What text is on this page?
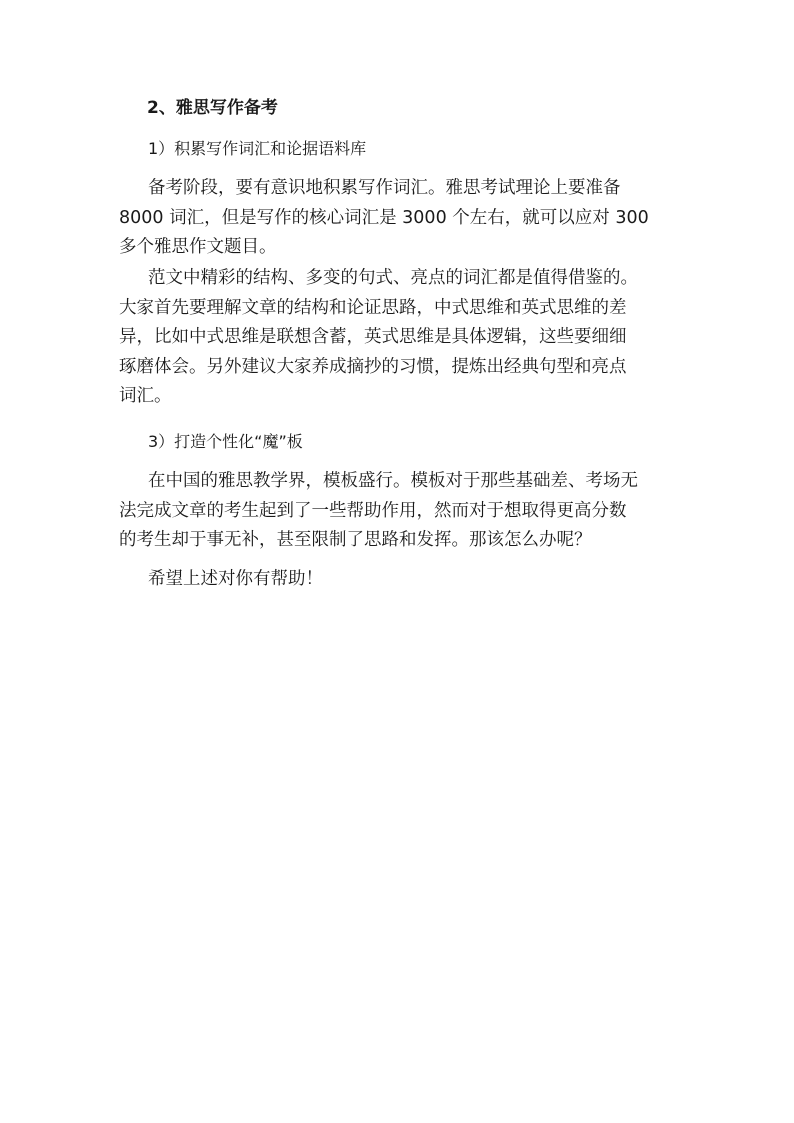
2、雅思写作备考
1）积累写作词汇和论据语料库
备考阶段，要有意识地积累写作词汇。雅思考试理论上要准备
8000 词汇，但是写作的核心词汇是 3000 个左右，就可以应对 300
多个雅思作文题目。
范文中精彩的结构、多变的句式、亮点的词汇都是值得借鉴的。
大家首先要理解文章的结构和论证思路，中式思维和英式思维的差
异，比如中式思维是联想含蓄，英式思维是具体逻辑，这些要细细
琢磨体会。另外建议大家养成摘抄的习惯，提炼出经典句型和亮点
词汇。
3）打造个性化“魔”板
在中国的雅思教学界，模板盛行。模板对于那些基础差、考场无
法完成文章的考生起到了一些帮助作用，然而对于想取得更高分数
的考生却于事无补，甚至限制了思路和发挥。那该怎么办呢？
希望上述对你有帮助！
